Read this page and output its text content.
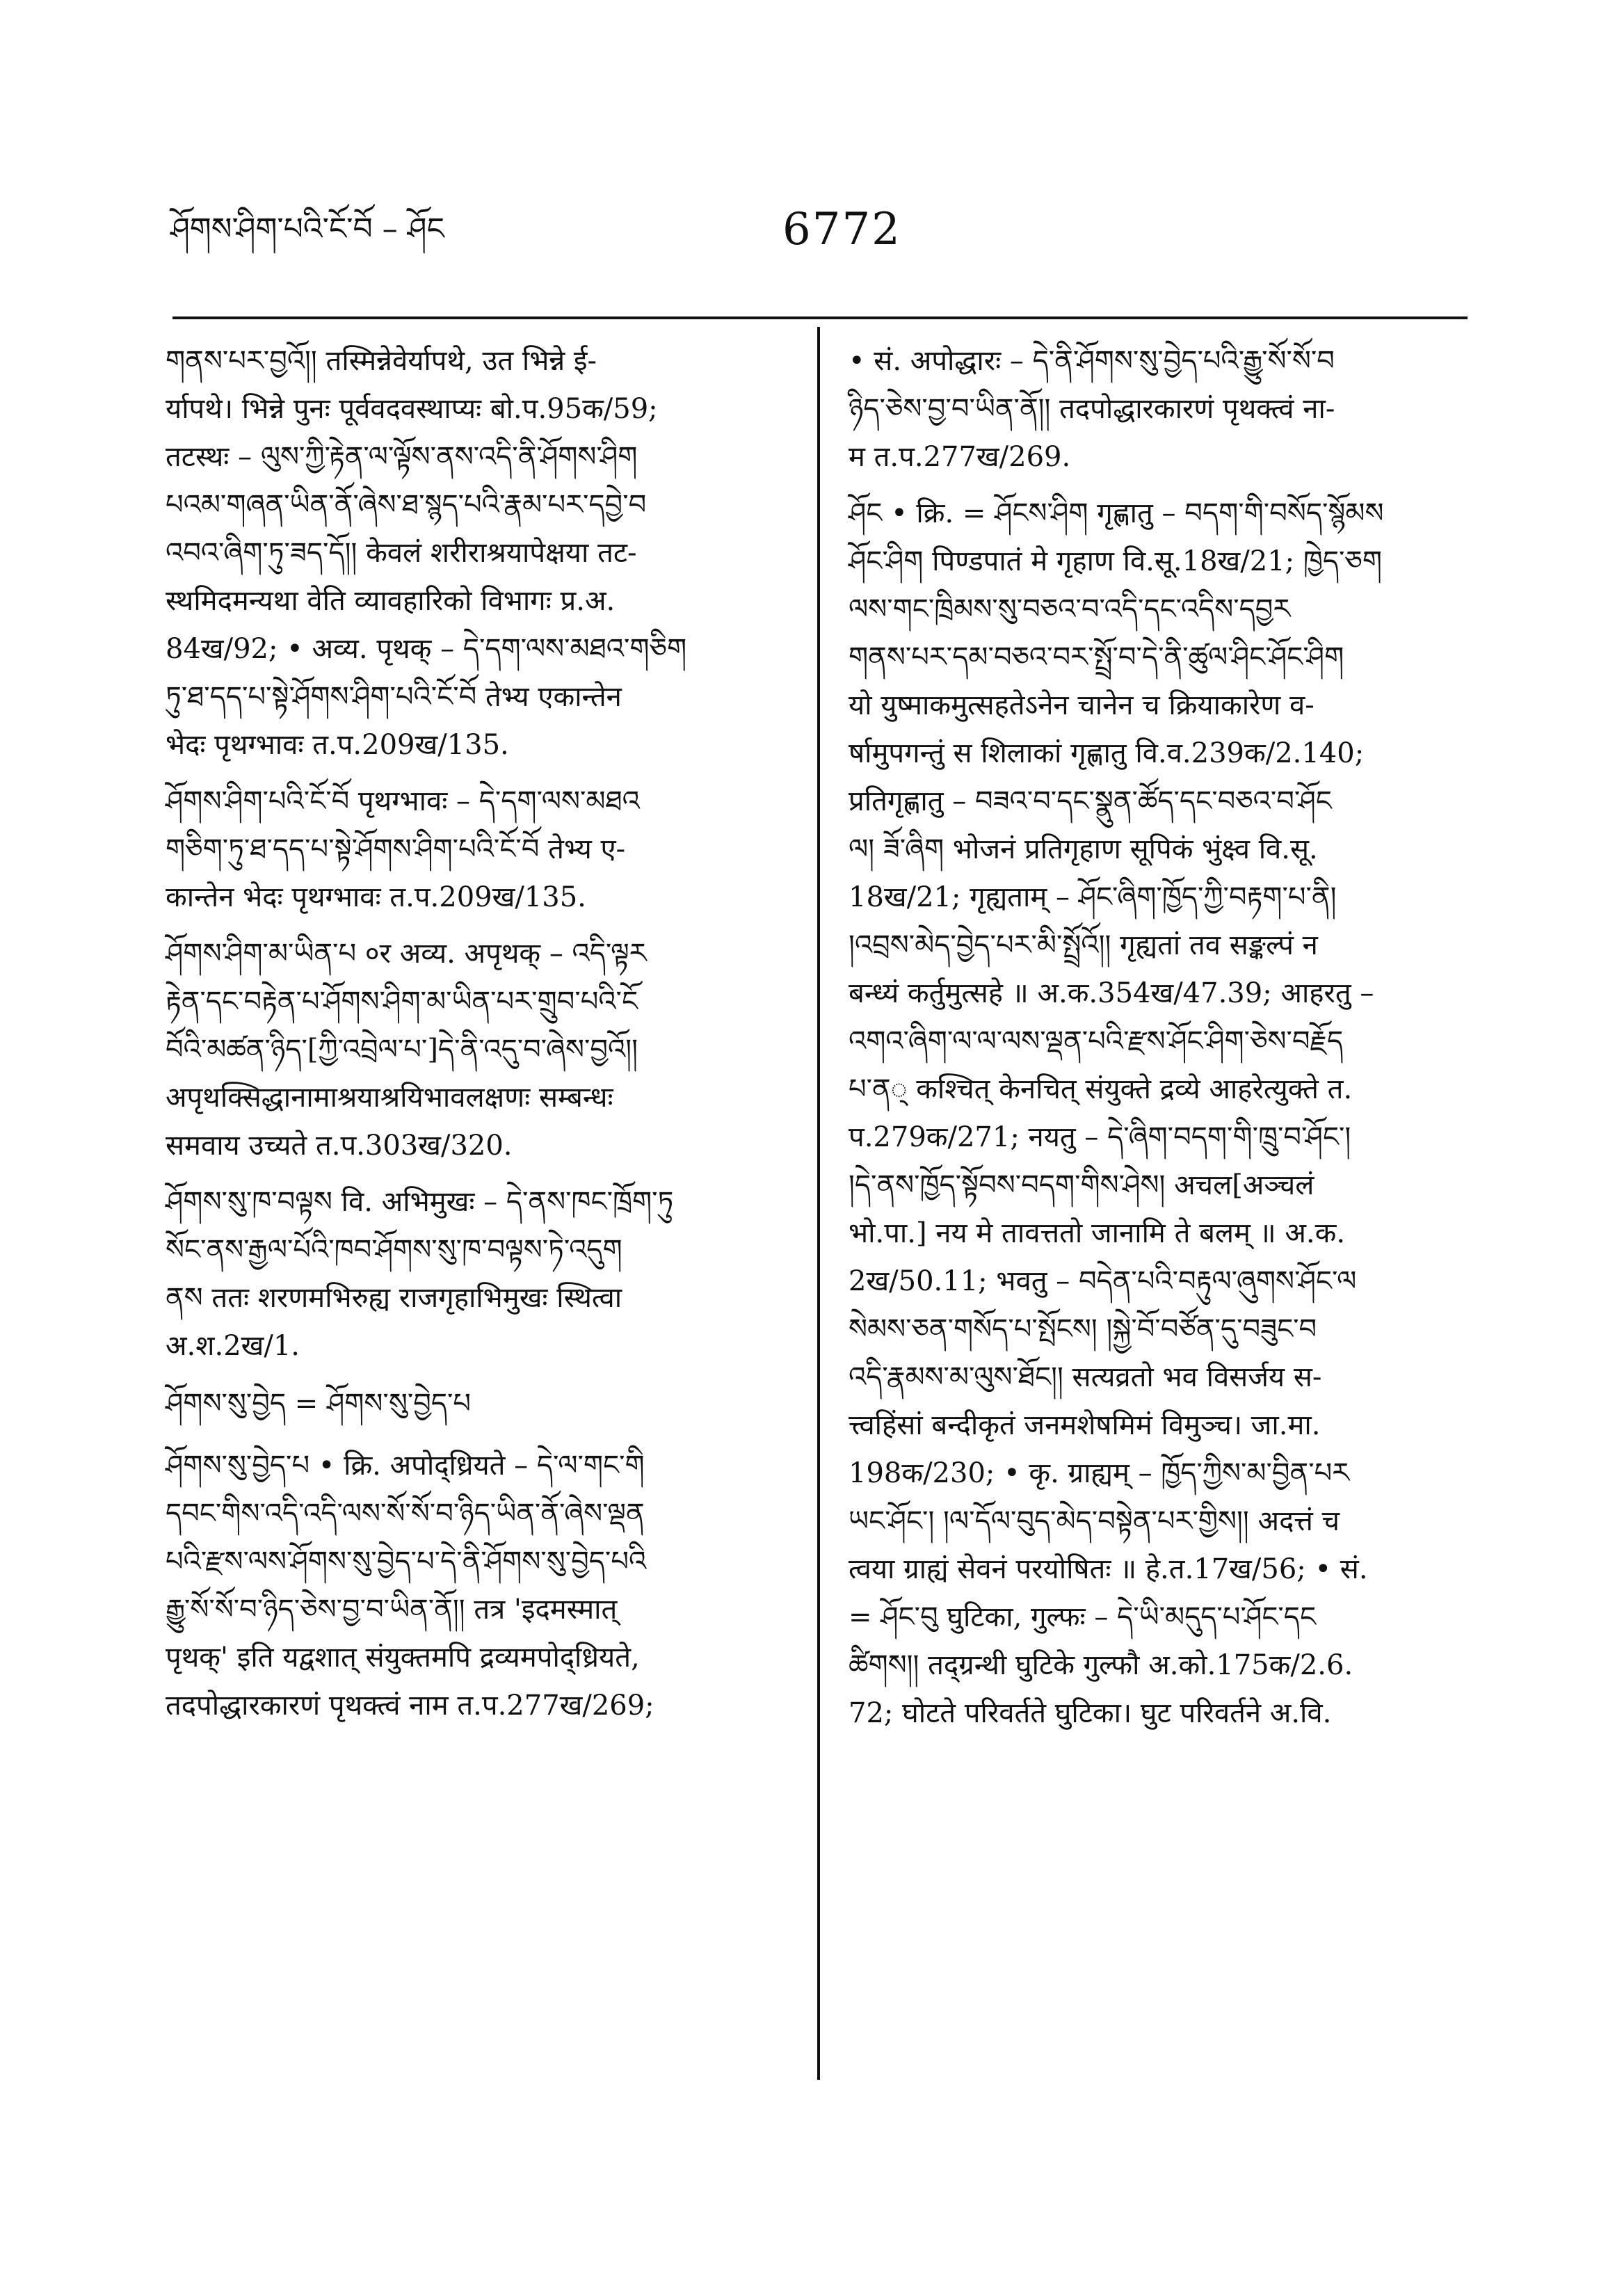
ཤོགས་ཤིག་པའི་ངོ་བོ – ཤོང	6772
གནས་པར་བྱའོ།། तस्मिन्नेवेर्यापथे, उत भिन्ने ई-
र्यापथे। भिन्ने पुनः पूर्ववदवस्थाप्यः बो.प.95क/59;
तटस्थः – ལུས་ཀྱི་རྟེན་ལ་ལྟོས་ནས་འདི་ནི་ཤོགས་ཤིག
པའམ་གཞན་ཡིན་ནོ་ཞེས་ཐ་སྙད་པའི་རྣམ་པར་དབྱེ་བ
འབའ་ཞིག་ཏུ་ཟད་དོ།། केवलं शरीराश्रयापेक्षया तट-
स्थमिदमन्यथा वेति व्यावहारिको विभागः प्र.अ.
84ख/92; • अव्य. पृथक् – དེ་དག་ལས་མཐའ་གཅིག
ཏུ་ཐ་དད་པ་སྟེ་ཤོགས་ཤིག་པའི་ངོ་བོ तेभ्य एकान्तेन
भेदः पृथग्भावः त.प.209ख/135.
ཤོགས་ཤིག་པའི་ངོ་བོ पृथग्भावः – དེ་དག་ལས་མཐའ
གཅིག་ཏུ་ཐ་དད་པ་སྟེ་ཤོགས་ཤིག་པའི་ངོ་བོ तेभ्य ए-
कान्तेन भेदः पृथग्भावः त.प.209ख/135.
ཤོགས་ཤིག་མ་ཡིན་པ ०र अव्य. अपृथक् – འདི་ལྟར
རྟེན་དང་བརྟེན་པ་ཤོགས་ཤིག་མ་ཡིན་པར་གྲུབ་པའི་ངོ
བོའི་མཚན་ཉིད་[ཀྱི་འབྲེལ་པ་]དེ་ནི་འདུ་བ་ཞེས་བྱའོ།།
अपृथक्सिद्धानामाश्रयाश्रयिभावलक्षणः सम्बन्धः
समवाय उच्यते त.प.303ख/320.
ཤོགས་སུ་ཁ་བལྟས वि. अभिमुखः – དེ་ནས་ཁང་ཁྲོག་ཏུ
སོང་ནས་རྒྱལ་པོའི་ཁབ་ཤོགས་སུ་ཁ་བལྟས་ཏེ་འདུག
ནས ततः शरणमभिरुह्य राजगृहाभिमुखः स्थित्वा
अ.श.2ख/1.
ཤོགས་སུ་བྱེད = ཤོགས་སུ་བྱེད་པ
ཤོགས་སུ་བྱེད་པ • क्रि. अपोद्ध्रियते – དེ་ལ་གང་གི
དབང་གིས་འདི་འདི་ལས་སོ་སོ་བ་ཉིད་ཡིན་ནོ་ཞེས་ལྡན
པའི་རྫས་ལས་ཤོགས་སུ་བྱེད་པ་དེ་ནི་ཤོགས་སུ་བྱེད་པའི
རྒྱུ་སོ་སོ་བ་ཉིད་ཅེས་བྱ་བ་ཡིན་ནོ།། तत्र 'इदमस्मात्
पृथक्' इति यद्वशात् संयुक्तमपि द्रव्यमपोद्ध्रियते,
तदपोद्धारकारणं पृथक्त्वं नाम त.प.277ख/269;
• सं. अपोद्धारः – དེ་ནི་ཤོགས་སུ་བྱེད་པའི་རྒྱུ་སོ་སོ་བ
ཉིད་ཅེས་བྱ་བ་ཡིན་ནོ།། तदपोद्धारकारणं पृथक्त्वं ना-
म त.प.277ख/269.
ཤོང • क्रि. = ཤོངས་ཤིག गृह्णातु – བདག་གི་བསོད་སྙོམས
ཤོང་ཤིག पिण्डपातं मे गृहाण वि.सू.18ख/21; ཁྱེད་ཅག
ལས་གང་ཁྲིམས་སུ་བཅའ་བ་འདི་དང་འདིས་དབྱར
གནས་པར་དམ་བཅའ་བར་སྤྲོ་བ་དེ་ནི་ཚུལ་ཤིང་ཤོང་ཤིག
यो युष्माकमुत्सहतेऽनेन चानेन च क्रियाकारेण व-
र्षामुपगन्तुं स शिलाकां गृह्णातु वि.व.239क/2.140;
प्रतिगृह्णातु – བཟའ་བ་དང་སྣུན་ཚོད་དང་བཅའ་བ་ཤོང
ལ། ཟོ་ཞིག भोजनं प्रतिगृहाण सूपिकं भुंक्ष्व वि.सू.
18ख/21; गृह्यताम् – ཤོང་ཞིག་ཁྱོད་ཀྱི་བརྟག་པ་ནི།
།འབྲས་མེད་བྱེད་པར་མི་སྤྲོའོ།། गृह्यतां तव सङ्कल्पं न
बन्ध्यं कर्तुमुत्सहे ॥ अ.क.354ख/47.39; आहरतु –
འགའ་ཞིག་ལ་ལ་ལས་ལྡན་པའི་རྫས་ཤོང་ཤིག་ཅེས་བརྗོད
པ་ན् कश्चित् केनचित् संयुक्ते द्रव्ये आहरेत्युक्ते त.
प.279क/271; नयतु – དེ་ཞིག་བདག་གི་ཁྲུ་བ་ཤོང་།
།དེ་ནས་ཁྱོད་སྟོབས་བདག་གིས་ཤེས། अचल[अञ्चलं
भो.पा.] नय मे तावत्ततो जानामि ते बलम् ॥ अ.क.
2ख/50.11; भवतु – བདེན་པའི་བརྟུལ་ཞུགས་ཤོང་ལ
སེམས་ཅན་གསོད་པ་སྤོངས། །སྐྱེ་བོ་བཙོན་དུ་བཟུང་བ
འདི་རྣམས་མ་ལུས་ཐོང།། सत्यव्रतो भव विसर्जय स-
त्त्वहिंसां बन्दीकृतं जनमशेषमिमं विमुञ्च। जा.मा.
198क/230; • कृ. ग्राह्यम् – ཁྱོད་ཀྱིས་མ་བྱིན་པར
ཡང་ཤོང་། །ལ་དོལ་བུད་མེད་བསྟེན་པར་གྱིས།། अदत्तं च
त्वया ग्राह्यं सेवनं परयोषितः ॥ हे.त.17ख/56; • सं.
= ཤོང་བུ घुटिका, गुल्फः – དེ་ཡི་མདུད་པ་ཤོང་དང
ཚིགས།། तद्ग्रन्थी घुटिके गुल्फौ अ.को.175क/2.6.
72; घोटते परिवर्तते घुटिका। घुट परिवर्तने अ.वि.
